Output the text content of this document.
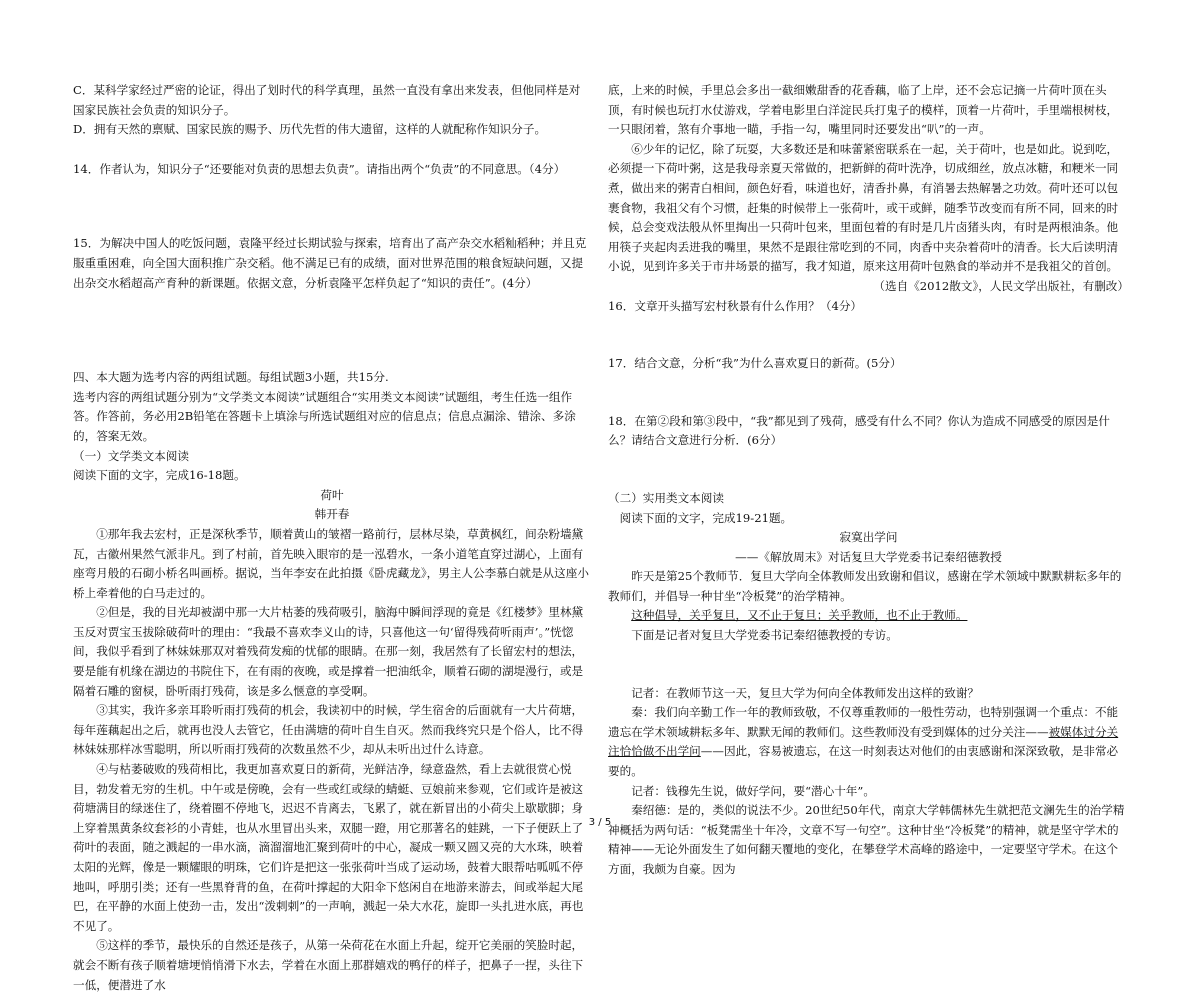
C．某科学家经过严密的论证，得出了划时代的科学真理，虽然一直没有拿出来发表，但他同样是对国家民族社会负责的知识分子。

D．拥有天然的禀赋、国家民族的赐予、历代先哲的伟大遗留，这样的人就配称作知识分子。

14．作者认为，知识分子“还要能对负责的思想去负责”。请指出两个“负责”的不同意思。（4分）

15．为解决中国人的吃饭问题，袁隆平经过长期试验与探索，培育出了高产杂交水稻籼稻种；并且克服重重困难，向全国大面积推广杂交稻。他不满足已有的成绩，面对世界范围的粮食短缺问题，又提出杂交水稻超高产育种的新课题。依据文意，分析袁隆平怎样负起了“知识的责任”。(4分）

四、本大题为选考内容的两组试题。每组试题3小题，共15分.

选考内容的两组试题分别为“文学类文本阅读”试题组合“实用类文本阅读”试题组，考生任选一组作答。作答前，务必用2B铅笔在答题卡上填涂与所选试题组对应的信息点；信息点漏涂、错涂、多涂的，答案无效。

（一）文学类文本阅读

阅读下面的文字，完成16-18题。

荷叶

韩开春

①那年我去宏村，正是深秋季节，顺着黄山的皱褶一路前行，层林尽染，草黄枫红，间杂粉墙黛瓦，古徽州果然气派非凡。到了村前，首先映入眼帘的是一泓碧水，一条小道笔直穿过湖心，上面有座弯月般的石砌小桥名叫画桥。据说，当年李安在此拍摄《卧虎藏龙》，男主人公李慕白就是从这座小桥上牵着他的白马走过的。

②但是，我的目光却被湖中那一大片枯萎的残荷吸引，脑海中瞬间浮现的竟是《红楼梦》里林黛玉反对贾宝玉拔除破荷叶的理由：“我最不喜欢李义山的诗，只喜他这一句‘留得残荷听雨声’。”恍惚间，我似乎看到了林妹妹那双对着残荷发痴的忧郁的眼睛。在那一刻，我居然有了长留宏村的想法，要是能有机缘在湖边的书院住下，在有雨的夜晚，或是撑着一把油纸伞，顺着石砌的湖堤漫行，或是隔着石雕的窗棂，卧听雨打残荷，该是多么惬意的享受啊。

③其实，我许多亲耳聆听雨打残荷的机会，我读初中的时候，学生宿舍的后面就有一大片荷塘，每年莲藕起出之后，就再也没人去管它，任由满塘的荷叶自生自灭。然而我终究只是个俗人，比不得林妹妹那样冰雪聪明，所以听雨打残荷的次数虽然不少，却从未听出过什么诗意。

④与枯萎破败的残荷相比，我更加喜欢夏日的新荷，光鲜洁净，绿意盎然，看上去就很赏心悦目，勃发着无穷的生机。中午或是傍晚，会有一些或红或绿的蜻蜓、豆娘前来参观，它们或许是被这荷塘满目的绿迷住了，绕着圈不停地飞，迟迟不肯离去，飞累了，就在新冒出的小荷尖上歇歇脚；身上穿着黑黄条纹套衫的小青蛙，也从水里冒出头来，双腿一蹬，用它那著名的蛙跳，一下子便跃上了荷叶的表面，随之溅起的一串水滴，滴溜溜地汇聚到荷叶的中心，凝成一颗又圆又亮的大水珠，映着太阳的光辉，像是一颗耀眼的明珠，它们许是把这一张张荷叶当成了运动场，鼓着大眼帮咕呱呱不停地叫，呼朋引类；还有一些黑脊背的鱼，在荷叶撑起的大阳伞下悠闲自在地游来游去，间或举起大尾巴，在平静的水面上使劲一击，发出“泼剌剌”的一声响，溅起一朵大水花，旋即一头扎进水底，再也不见了。

⑤这样的季节，最快乐的自然还是孩子，从第一朵荷花在水面上升起，绽开它美丽的笑脸时起，就会不断有孩子顺着塘埂悄悄滑下水去，学着在水面上那群嬉戏的鸭仔的样子，把鼻子一捏，头往下一低，便潜进了水

底，上来的时候，手里总会多出一截细嫩甜香的花香藕，临了上岸，还不会忘记摘一片荷叶顶在头顶，有时候也玩打水仗游戏，学着电影里白洋淀民兵打鬼子的模样，顶着一片荷叶，手里端根树枝，一只眼闭着，煞有介事地一瞄，手指一勾，嘴里同时还要发出“叭”的一声。

⑥少年的记忆，除了玩耍，大多数还是和味蕾紧密联系在一起，关于荷叶，也是如此。说到吃，必须提一下荷叶粥，这是我母亲夏天常做的，把新鲜的荷叶洗净，切成细丝，放点冰糖，和粳米一同煮，做出来的粥青白相间，颜色好看，味道也好，清香扑鼻，有消暑去热解暑之功效。荷叶还可以包裹食物，我祖父有个习惯，赶集的时候带上一张荷叶，或干或鲜，随季节改变而有所不同，回来的时候，总会变戏法般从怀里掏出一只荷叶包来，里面包着的有时是几片卤猪头肉，有时是两根油条。他用筷子夹起肉丢进我的嘴里，果然不是跟往常吃到的不同，肉香中夹杂着荷叶的清香。长大后读明清小说，见到许多关于市井场景的描写，我才知道，原来这用荷叶包熟食的举动并不是我祖父的首创。

（选自《2012散文》，人民文学出版社，有删改）

16．文章开头描写宏村秋景有什么作用？（4分）

17．结合文意，分析“我”为什么喜欢夏日的新荷。(5分）

18．在第②段和第③段中，“我”都见到了残荷，感受有什么不同？你认为造成不同感受的原因是什么？请结合文意进行分析．(6分）

（二）实用类文本阅读

阅读下面的文字，完成19-21题。

寂寞出学问

——《解放周末》对话复旦大学党委书记秦绍德教授

昨天是第25个教师节．复旦大学向全体教师发出致谢和倡议，感谢在学术领域中默默耕耘多年的教师们，并倡导一种甘坐“冷板凳”的治学精神。

这种倡导，关乎复旦，又不止于复旦；关乎教师，也不止于教师。

下面是记者对复旦大学党委书记秦绍德教授的专访。

记者：在教师节这一天，复旦大学为何向全体教师发出这样的致谢？

秦：我们向辛勤工作一年的教师致敬，不仅尊重教师的一般性劳动，也特别强调一个重点：不能遗忘在学术领域耕耘多年、默默无闻的教师们。这些教师没有受到媒体的过分关注——被媒体过分关注恰恰做不出学问——因此，容易被遗忘，在这一时刻表达对他们的由衷感谢和深深致敬，是非常必要的。

记者：钱穆先生说，做好学问，要“潜心十年”。

秦绍德：是的，类似的说法不少。20世纪50年代，南京大学韩儒林先生就把范文澜先生的治学精神概括为两句话：“板凳需坐十年冷，文章不写一句空”。这种甘坐“冷板凳”的精神，就是坚守学术的精神——无论外面发生了如何翻天覆地的变化，在攀登学术高峰的路途中，一定要坚守学术。在这个方面，我颇为自豪。因为

3 / 5
